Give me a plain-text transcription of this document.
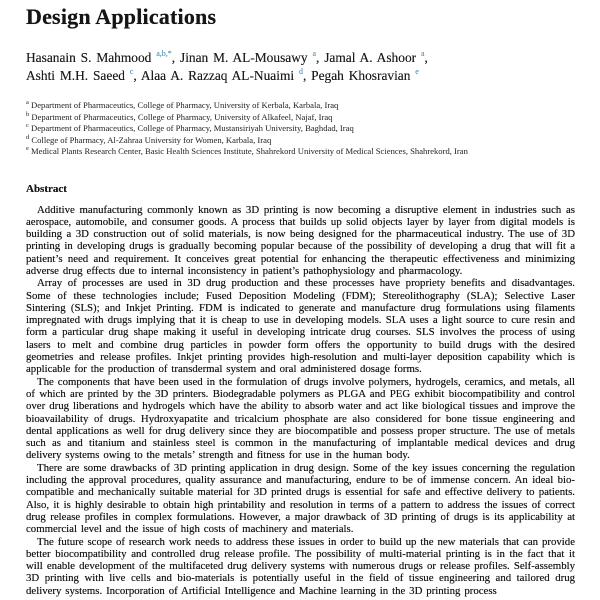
Design Applications
Hasanain S. Mahmood $^{a,b,*}$, Jinan M. AL-Mousawy $^a$, Jamal A. Ashoor $^a$,
Ashti M.H. Saeed $^c$, Alaa A. Razzaq AL-Nuaimi $^d$, Pegah Khosravian $^e$
$^a$ Department of Pharmaceutics, College of Pharmacy, University of Kerbala, Karbala, Iraq
$^b$ Department of Pharmaceutics, College of Pharmacy, University of Alkafeel, Najaf, Iraq
$^c$ Department of Pharmaceutics, College of Pharmacy, Mustansiriyah University, Baghdad, Iraq
$^d$ College of Pharmacy, Al-Zahraa University for Women, Karbala, Iraq
$^e$ Medical Plants Research Center, Basic Health Sciences Institute, Shahrekord University of Medical Sciences, Shahrekord, Iran
Abstract

Additive manufacturing commonly known as 3D printing is now becoming a disruptive element in industries such as aerospace, automobile, and consumer goods. A process that builds up solid objects layer by layer from digital models is building a 3D construction out of solid materials, is now being designed for the pharmaceutical industry. The use of 3D printing in developing drugs is gradually becoming popular because of the possibility of developing a drug that will fit a patient’s need and requirement. It conceives great potential for enhancing the therapeutic effectiveness and minimizing adverse drug effects due to internal inconsistency in patient’s pathophysiology and pharmacology.

Array of processes are used in 3D drug production and these processes have propriety benefits and disadvantages. Some of these technologies include; Fused Deposition Modeling (FDM); Stereolithography (SLA); Selective Laser Sintering (SLS); and Inkjet Printing. FDM is indicated to generate and manufacture drug formulations using filaments impregnated with drugs implying that it is cheap to use in developing models. SLA uses a light source to cure resin and form a particular drug shape making it useful in developing intricate drug courses. SLS involves the process of using lasers to melt and combine drug particles in powder form offers the opportunity to build drugs with the desired geometries and release profiles. Inkjet printing provides high-resolution and multi-layer deposition capability which is applicable for the production of transdermal system and oral administered dosage forms.

The components that have been used in the formulation of drugs involve polymers, hydrogels, ceramics, and metals, all of which are printed by the 3D printers. Biodegradable polymers as PLGA and PEG exhibit biocompatibility and control over drug liberations and hydrogels which have the ability to absorb water and act like biological tissues and improve the bioavailability of drugs. Hydroxyapatite and tricalcium phosphate are also considered for bone tissue engineering and dental applications as well for drug delivery since they are biocompatible and possess proper structure. The use of metals such as and titanium and stainless steel is common in the manufacturing of implantable medical devices and drug delivery systems owing to the metals’ strength and fitness for use in the human body.

There are some drawbacks of 3D printing application in drug design. Some of the key issues concerning the regulation including the approval procedures, quality assurance and manufacturing, endure to be of immense concern. An ideal bio-compatible and mechanically suitable material for 3D printed drugs is essential for safe and effective delivery to patients. Also, it is highly desirable to obtain high printability and resolution in terms of a pattern to address the issues of correct drug release profiles in complex formulations. However, a major drawback of 3D printing of drugs is its applicability at commercial level and the issue of high costs of machinery and materials.

The future scope of research work needs to address these issues in order to build up the new materials that can provide better biocompatibility and controlled drug release profile. The possibility of multi-material printing is in the fact that it will enable development of the multifaceted drug delivery systems with numerous drugs or release profiles. Self-assembly 3D printing with live cells and bio-materials is potentially useful in the field of tissue engineering and tailored drug delivery systems. Incorporation of Artificial Intelligence and Machine learning in the 3D printing process
